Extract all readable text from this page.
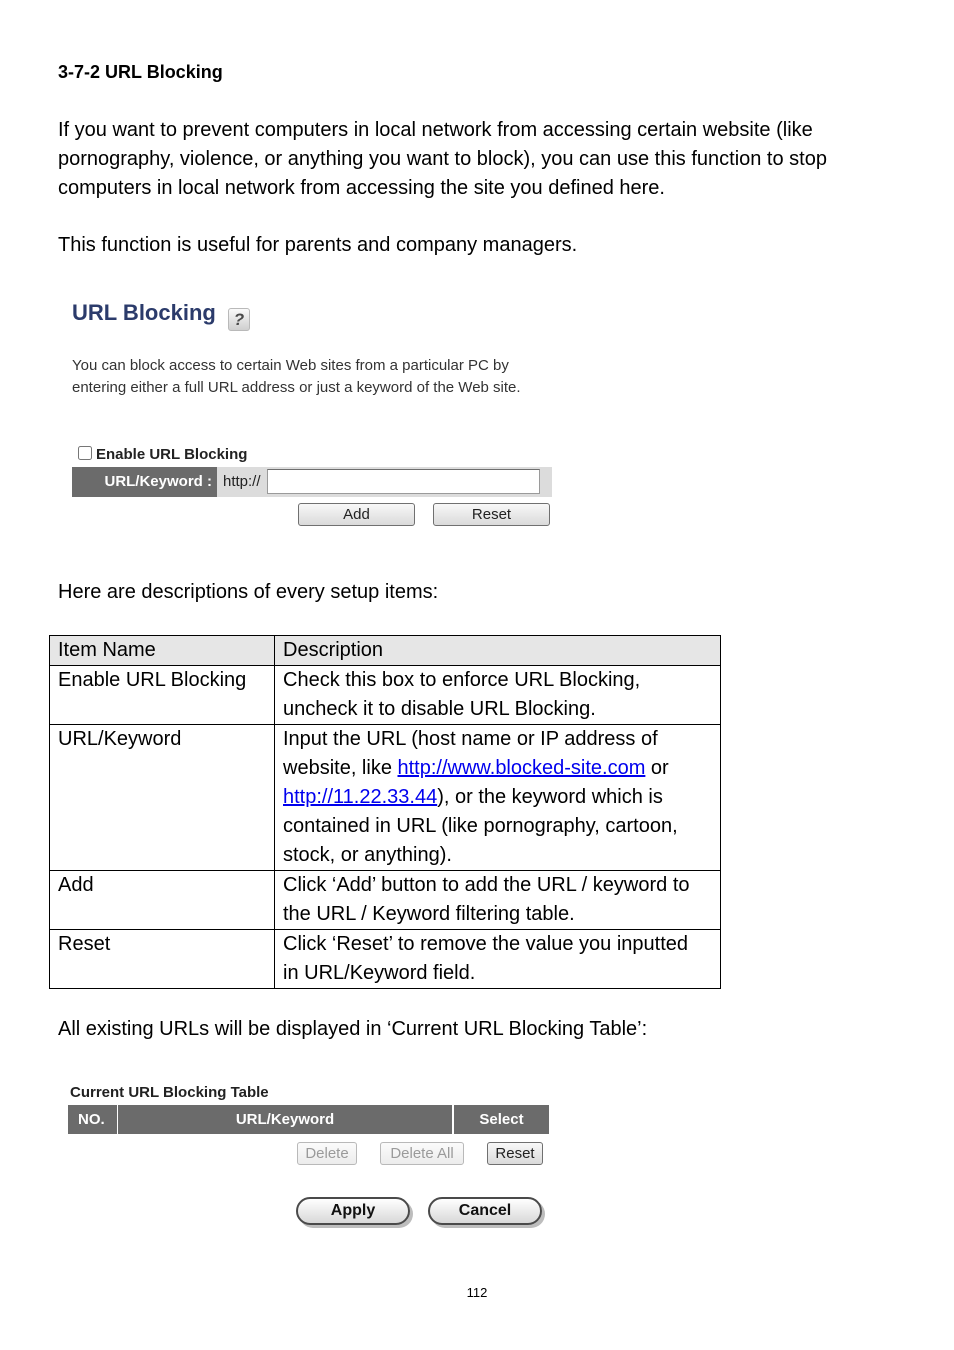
3-7-2 URL Blocking
If you want to prevent computers in local network from accessing certain website (like
pornography, violence, or anything you want to block), you can use this function to stop
computers in local network from accessing the site you defined here.
This function is useful for parents and company managers.
URL Blocking	?
You can block access to certain Web sites from a particular PC by
entering either a full URL address or just a keyword of the Web site.
Enable URL Blocking
URL/Keyword : http://
Add	Reset
Here are descriptions of every setup items:
Item Name	Description
Enable URL Blocking	Check this box to enforce URL Blocking,
uncheck it to disable URL Blocking.

URL/Keyword	Input the URL (host name or IP address of
website, like http://www.blocked-site.com or
http://11.22.33.44), or the keyword which is
contained in URL (like pornography, cartoon,
stock, or anything).

Add	Click ‘Add’ button to add the URL / keyword to
the URL / Keyword filtering table.

Reset	Click ‘Reset’ to remove the value you inputted
in URL/Keyword field.
All existing URLs will be displayed in ‘Current URL Blocking Table’:
Current URL Blocking Table
NO.	URL/Keyword	Select
Delete	Delete All	Reset
Apply	Cancel
112
